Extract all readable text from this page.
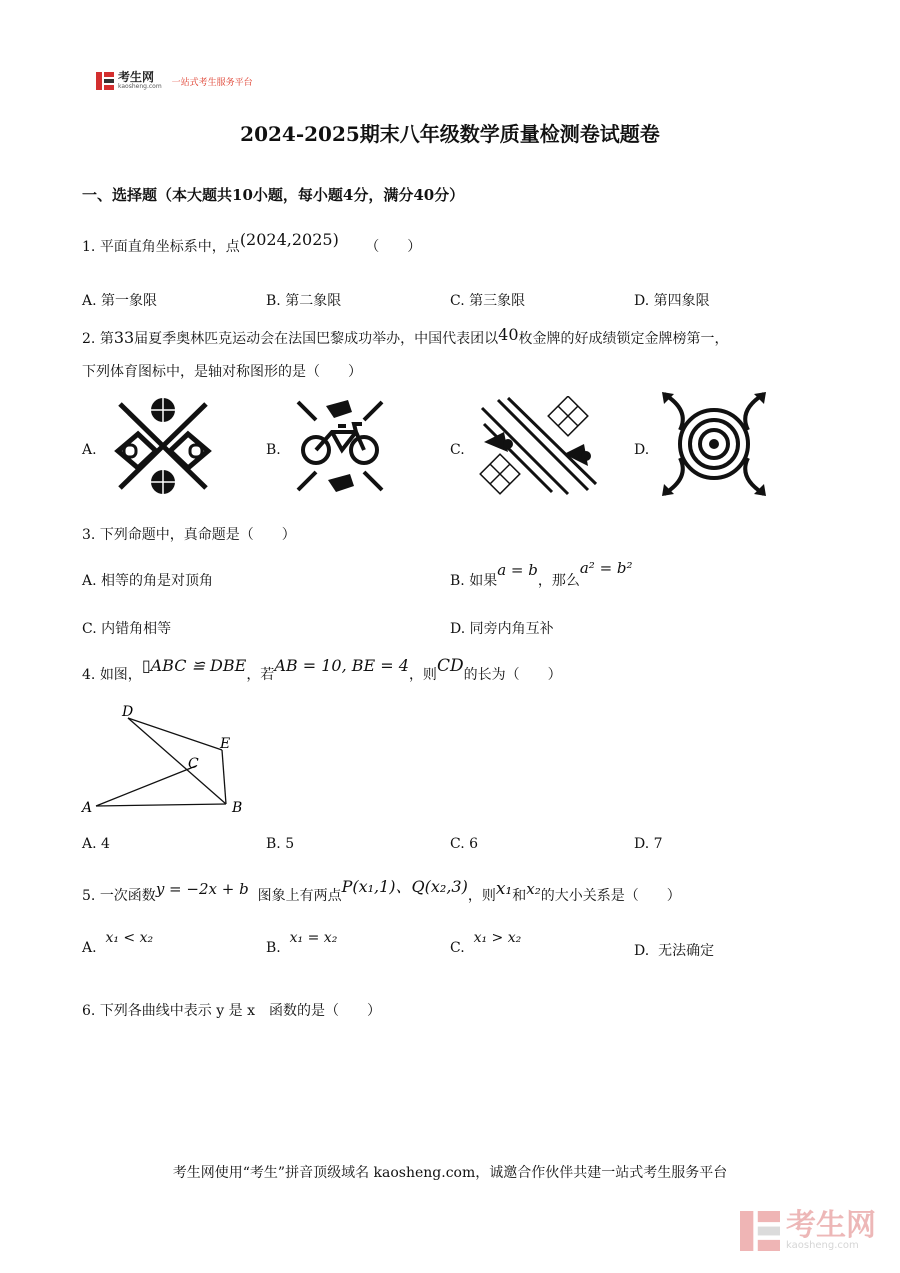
考生网
kaosheng.com 一站式考生服务平台
2024-2025期末八年级数学质量检测卷试题卷
一、选择题（本大题共10小题，每小题4分，满分40分）
1. 平面直角坐标系中，点(2024,2025) （　　）
A. 第一象限	B. 第二象限	C. 第三象限	D. 第四象限
2. 第33届夏季奥林匹克运动会在法国巴黎成功举办，中国代表团以40枚金牌的好成绩锁定金牌榜第一，
下列体育图标中，是轴对称图形的是（　　）
A.	B.	C.	D.
3. 下列命题中，真命题是（　　）
A. 相等的角是对顶角	B. 如果a = b，那么a² = b²
C. 内错角相等	D. 同旁内角互补
4. 如图，▯ABC ≌ DBE，若AB = 10, BE = 4，则CD的长为（　　）
D
E
C
A	B
A. 4	B. 5	C. 6	D. 7
5. 一次函数y = −2x + b 图象上有两点P(x₁,1)、Q(x₂,3)，则x₁和x₂的大小关系是（　　）
A.  x₁ < x₂
B.  x₁ = x₂
C.  x₁ > x₂
D. 无法确定
6. 下列各曲线中表示 y 是 x　函数的是（　　）
考生网使用“考生”拼音顶级域名 kaosheng.com，诚邀合作伙伴共建一站式考生服务平台
考生网
kaosheng.com
